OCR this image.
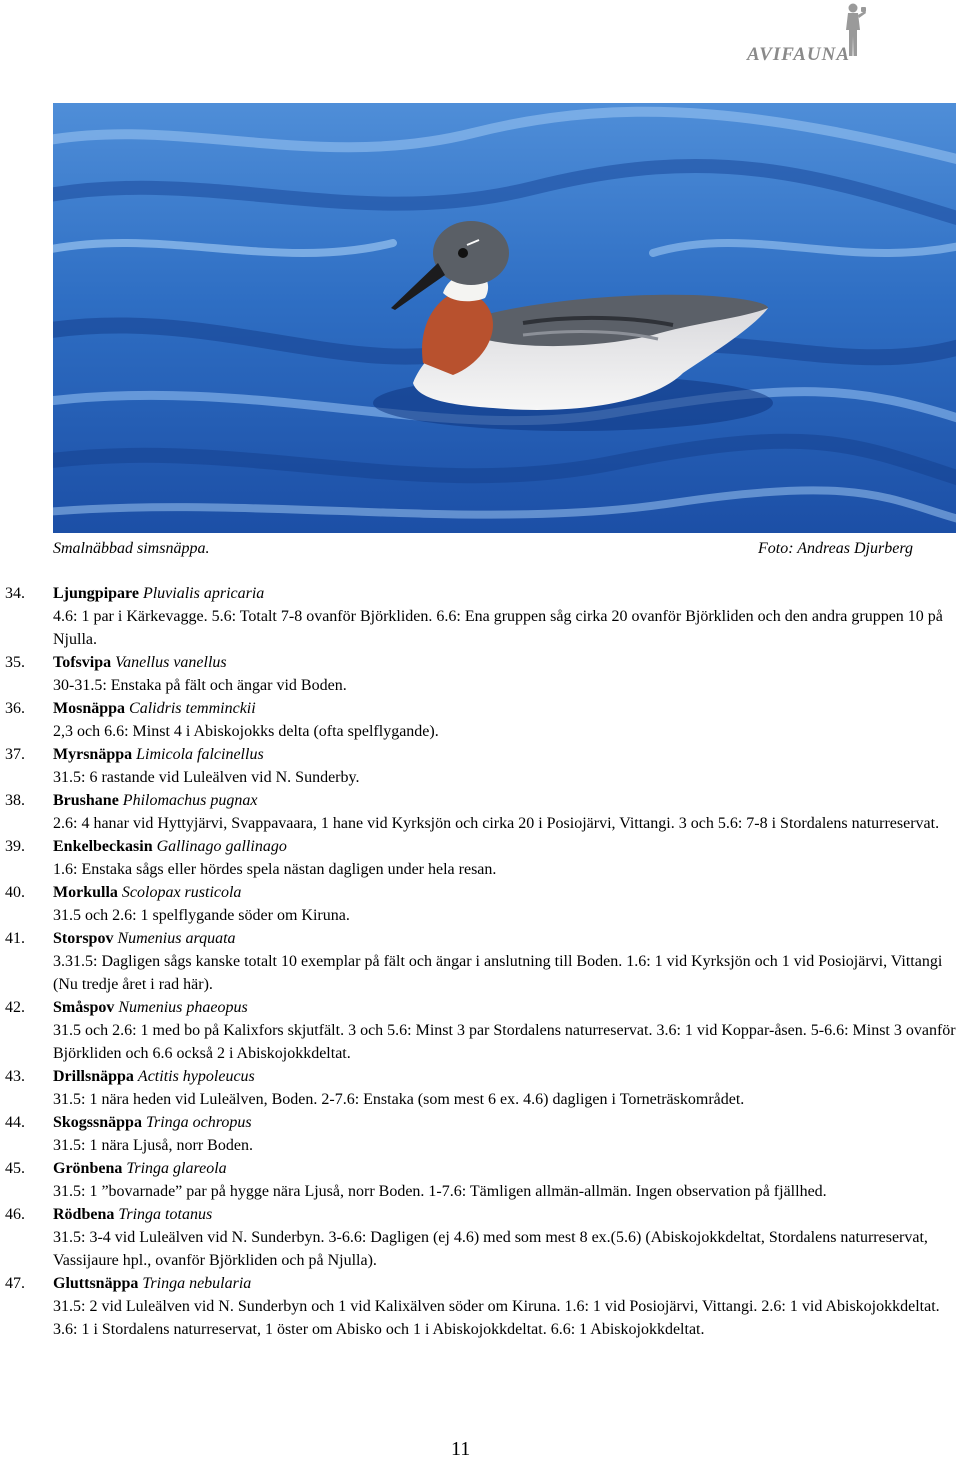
AVIFAUNA
Smalnäbbad simsnäppa.	Foto: Andreas Djurberg
34. Ljungpipare Pluvialis apricaria
4.6: 1 par i Kärkevagge. 5.6: Totalt 7-8 ovanför Björkliden. 6.6: Ena gruppen såg cirka 20 ovanför Björkliden och den andra gruppen 10 på Njulla.
35. Tofsvipa Vanellus vanellus
30-31.5: Enstaka på fält och ängar vid Boden.
36. Mosnäppa Calidris temminckii
2,3 och 6.6: Minst 4 i Abiskojokks delta (ofta spelflygande).
37. Myrsnäppa Limicola falcinellus
31.5: 6 rastande vid Luleälven vid N. Sunderby.
38. Brushane Philomachus pugnax
2.6: 4 hanar vid Hyttyjärvi, Svappavaara, 1 hane vid Kyrksjön och cirka 20 i Posiojärvi, Vittangi. 3 och 5.6: 7-8 i Stordalens naturreservat.
39. Enkelbeckasin Gallinago gallinago
1.6: Enstaka sågs eller hördes spela nästan dagligen under hela resan.
40. Morkulla Scolopax rusticola
31.5 och 2.6: 1 spelflygande söder om Kiruna.
41. Storspov Numenius arquata
3.31.5: Dagligen sågs kanske totalt 10 exemplar på fält och ängar i anslutning till Boden. 1.6: 1 vid Kyrksjön och 1 vid Posiojärvi, Vittangi (Nu tredje året i rad här).
42. Småspov Numenius phaeopus
31.5 och 2.6: 1 med bo på Kalixfors skjutfält. 3 och 5.6: Minst 3 par Stordalens naturreservat. 3.6: 1 vid Koppar-åsen. 5-6.6: Minst 3 ovanför Björkliden och 6.6 också 2 i Abiskojokkdeltat.
43. Drillsnäppa Actitis hypoleucus
31.5: 1 nära heden vid Luleälven, Boden. 2-7.6: Enstaka (som mest 6 ex. 4.6) dagligen i Torneträskområdet.
44. Skogssnäppa Tringa ochropus
31.5: 1 nära Ljuså, norr Boden.
45. Grönbena Tringa glareola
31.5: 1 ”bovarnade” par på hygge nära Ljuså, norr Boden. 1-7.6: Tämligen allmän-allmän. Ingen observation på fjällhed.
46. Rödbena Tringa totanus
31.5: 3-4 vid Luleälven vid N. Sunderbyn. 3-6.6: Dagligen (ej 4.6) med som mest 8 ex.(5.6) (Abiskojokkdeltat, Stordalens naturreservat, Vassijaure hpl., ovanför Björkliden och på Njulla).
47. Gluttsnäppa Tringa nebularia
31.5: 2 vid Luleälven vid N. Sunderbyn och 1 vid Kalixälven söder om Kiruna. 1.6: 1 vid Posiojärvi, Vittangi. 2.6: 1 vid Abiskojokkdeltat. 3.6: 1 i Stordalens naturreservat, 1 öster om Abisko och 1 i Abiskojokkdeltat. 6.6: 1 Abiskojokkdeltat.
11
